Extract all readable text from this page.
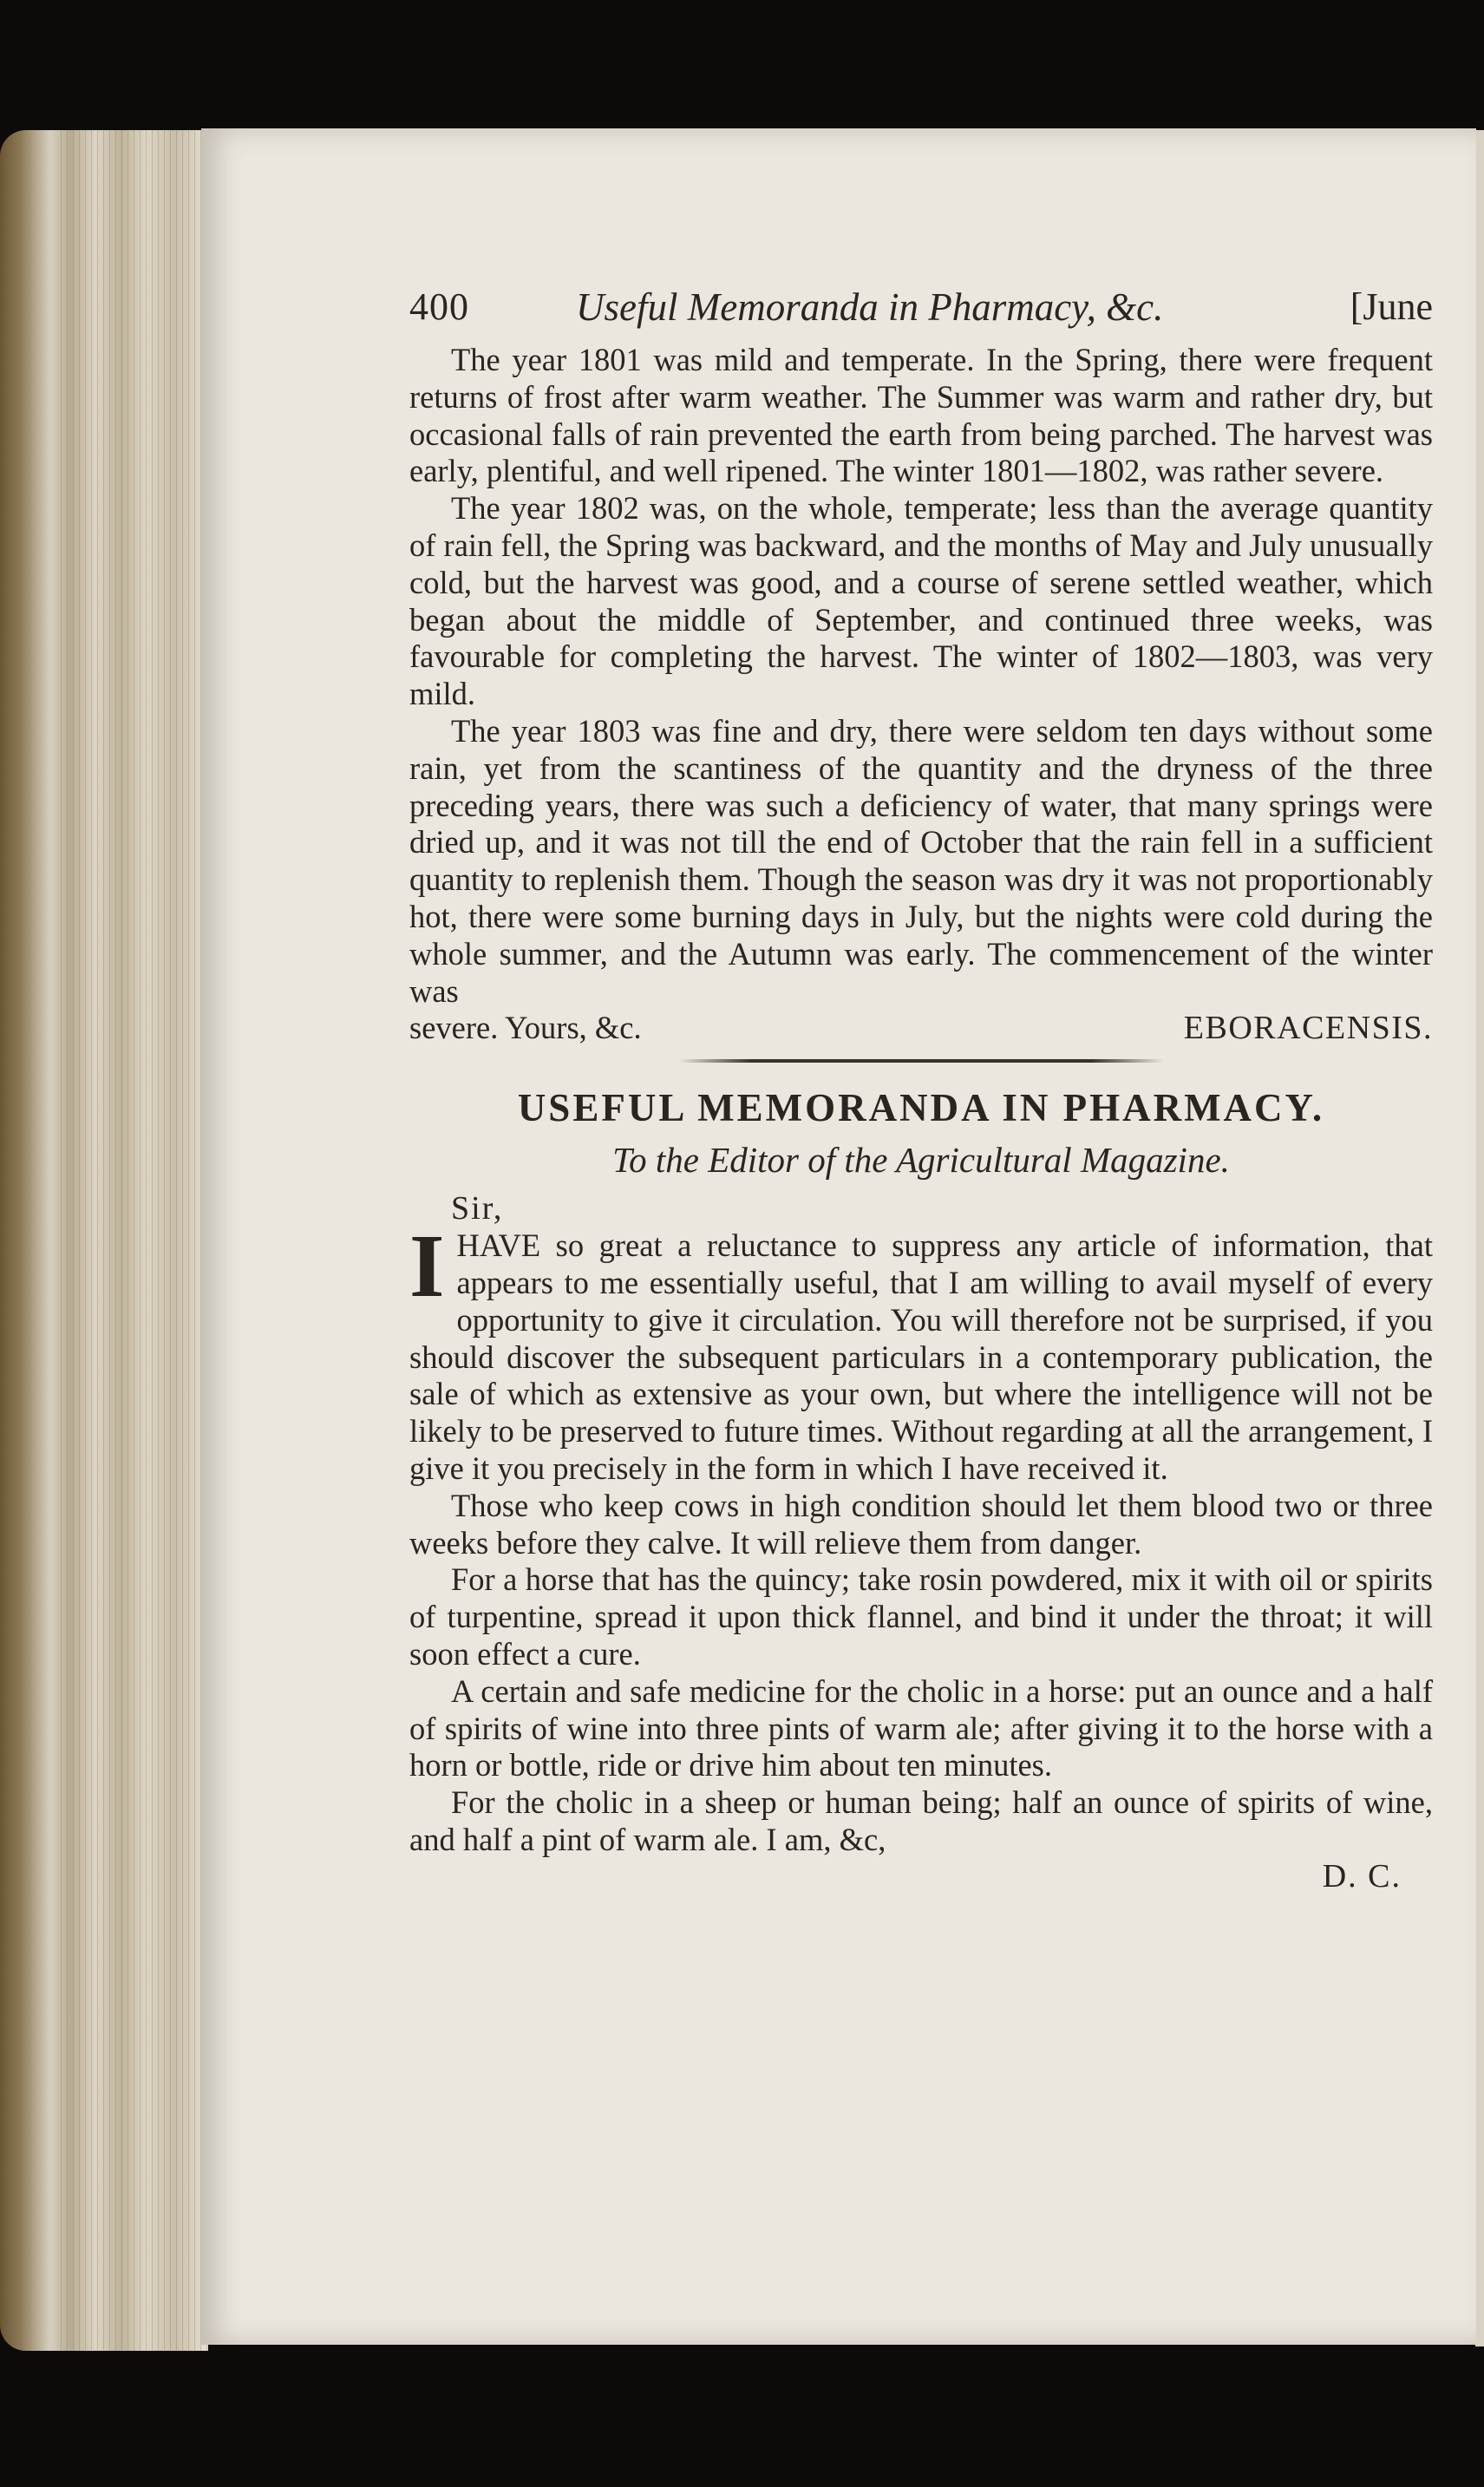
400	Useful Memoranda in Pharmacy, &c.	[June

The year 1801 was mild and temperate. In the Spring, there were frequent returns of frost after warm weather. The Summer was warm and rather dry, but occasional falls of rain prevented the earth from being parched. The harvest was early, plentiful, and well ripened. The winter 1801—1802, was rather severe.

The year 1802 was, on the whole, temperate; less than the average quantity of rain fell, the Spring was backward, and the months of May and July unusually cold, but the harvest was good, and a course of serene settled weather, which began about the middle of September, and continued three weeks, was favourable for completing the harvest. The winter of 1802—1803, was very mild.

The year 1803 was fine and dry, there were seldom ten days without some rain, yet from the scantiness of the quantity and the dryness of the three preceding years, there was such a deficiency of water, that many springs were dried up, and it was not till the end of October that the rain fell in a sufficient quantity to replenish them. Though the season was dry it was not proportionably hot, there were some burning days in July, but the nights were cold during the whole summer, and the Autumn was early. The commencement of the winter was

severe. Yours, &c.	EBORACENSIS.
USEFUL MEMORANDA IN PHARMACY.

To the Editor of the Agricultural Magazine.

Sir,

IHAVE so great a reluctance to suppress any article of information, that appears to me essentially useful, that I am willing to avail myself of every opportunity to give it circulation. You will therefore not be surprised, if you should discover the subsequent particulars in a contemporary publication, the sale of which as extensive as your own, but where the intelligence will not be likely to be preserved to future times. Without regarding at all the arrangement, I give it you precisely in the form in which I have received it.

Those who keep cows in high condition should let them blood two or three weeks before they calve. It will relieve them from danger.

For a horse that has the quincy; take rosin powdered, mix it with oil or spirits of turpentine, spread it upon thick flannel, and bind it under the throat; it will soon effect a cure.

A certain and safe medicine for the cholic in a horse: put an ounce and a half of spirits of wine into three pints of warm ale; after giving it to the horse with a horn or bottle, ride or drive him about ten minutes.

For the cholic in a sheep or human being; half an ounce of spirits of wine, and half a pint of warm ale. I am, &c,

D. C.
